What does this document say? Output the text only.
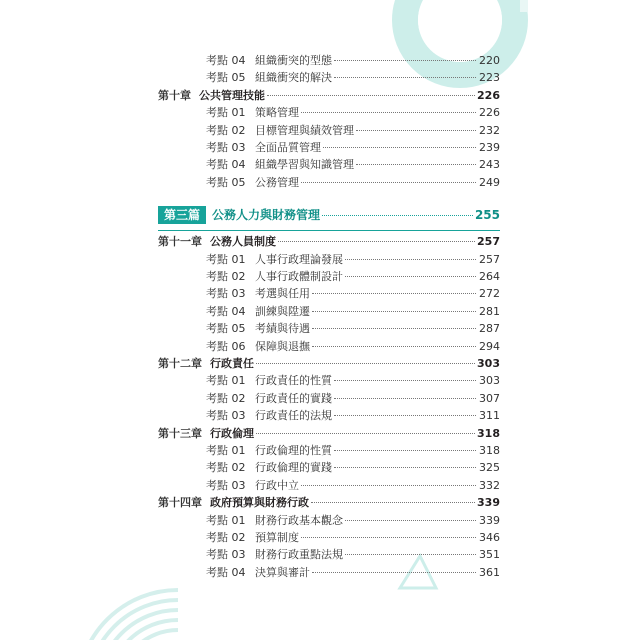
考點 04 組織衝突的型態	220
考點 05 組織衝突的解決	223
第十章 公共管理技能	226
考點 01 策略管理	226
考點 02 目標管理與績效管理	232
考點 03 全面品質管理	239
考點 04 組織學習與知識管理	243
考點 05 公務管理	249
第三篇	公務人力與財務管理	255
第十一章 公務人員制度	257
考點 01 人事行政理論發展	257
考點 02 人事行政體制設計	264
考點 03 考選與任用	272
考點 04 訓練與陞遷	281
考點 05 考績與待遇	287
考點 06 保障與退撫	294
第十二章 行政責任	303
考點 01 行政責任的性質	303
考點 02 行政責任的實踐	307
考點 03 行政責任的法規	311
第十三章 行政倫理	318
考點 01 行政倫理的性質	318
考點 02 行政倫理的實踐	325
考點 03 行政中立	332
第十四章 政府預算與財務行政	339
考點 01 財務行政基本觀念	339
考點 02 預算制度	346
考點 03 財務行政重點法規	351
考點 04 決算與審計	361
